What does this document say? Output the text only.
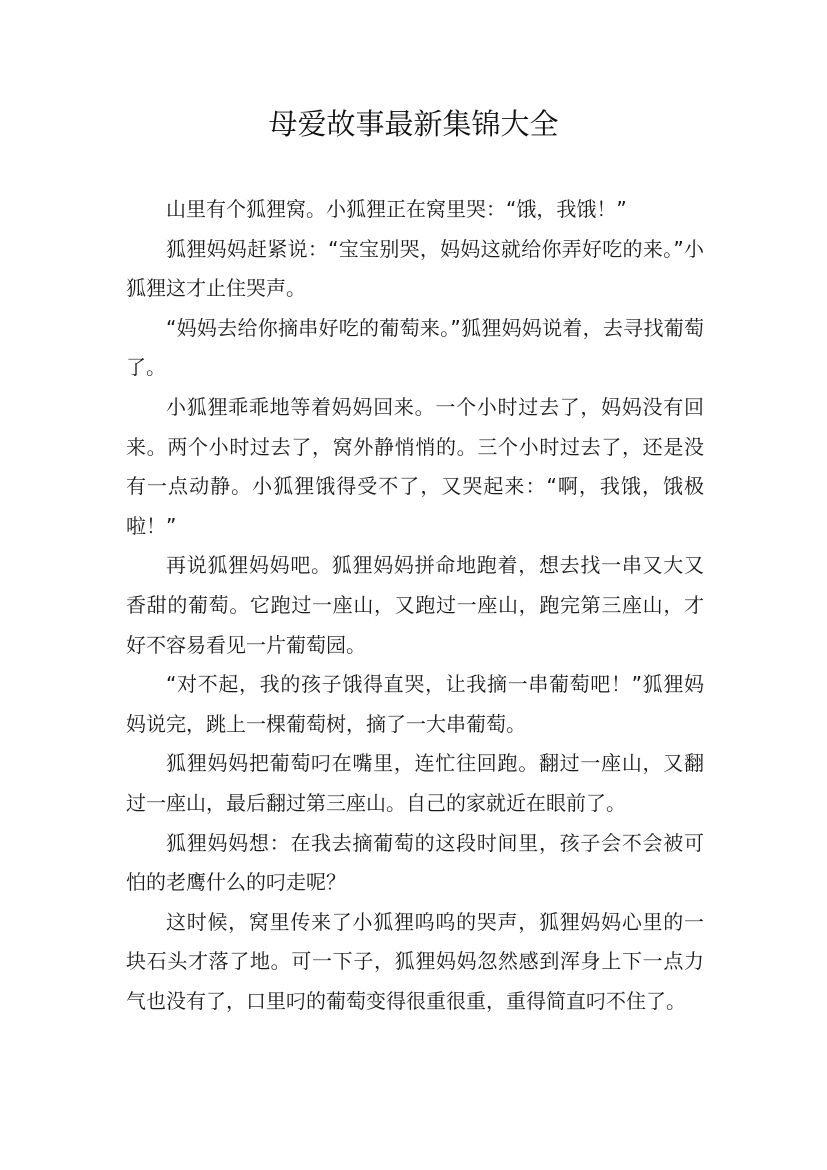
母爱故事最新集锦大全

山里有个狐狸窝。小狐狸正在窝里哭：“饿，我饿！”

狐狸妈妈赶紧说：“宝宝别哭，妈妈这就给你弄好吃的来。”小狐狸这才止住哭声。

“妈妈去给你摘串好吃的葡萄来。”狐狸妈妈说着，去寻找葡萄了。

小狐狸乖乖地等着妈妈回来。一个小时过去了，妈妈没有回来。两个小时过去了，窝外静悄悄的。三个小时过去了，还是没有一点动静。小狐狸饿得受不了，又哭起来：“啊，我饿，饿极啦！”

再说狐狸妈妈吧。狐狸妈妈拼命地跑着，想去找一串又大又香甜的葡萄。它跑过一座山，又跑过一座山，跑完第三座山，才好不容易看见一片葡萄园。

“对不起，我的孩子饿得直哭，让我摘一串葡萄吧！”狐狸妈妈说完，跳上一棵葡萄树，摘了一大串葡萄。

狐狸妈妈把葡萄叼在嘴里，连忙往回跑。翻过一座山，又翻过一座山，最后翻过第三座山。自己的家就近在眼前了。

狐狸妈妈想：在我去摘葡萄的这段时间里，孩子会不会被可怕的老鹰什么的叼走呢？

这时候，窝里传来了小狐狸呜呜的哭声，狐狸妈妈心里的一块石头才落了地。可一下子，狐狸妈妈忽然感到浑身上下一点力气也没有了，口里叼的葡萄变得很重很重，重得简直叼不住了。
